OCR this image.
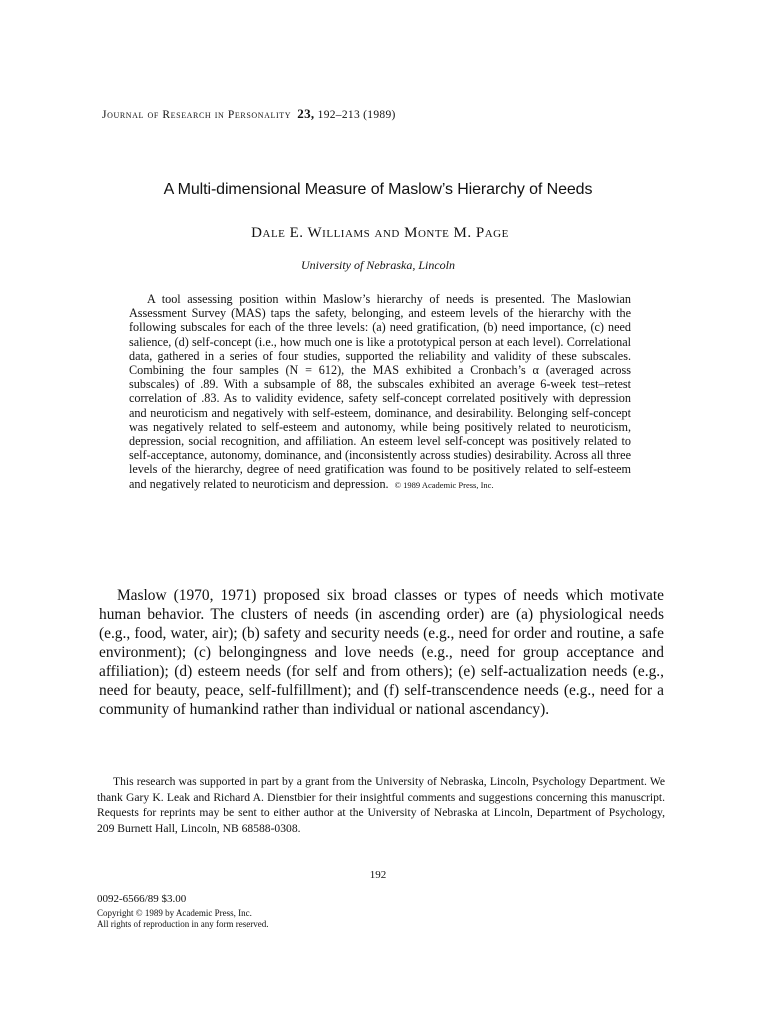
Journal of Research in Personality 23, 192–213 (1989)
A Multi-dimensional Measure of Maslow’s Hierarchy of Needs
Dale E. Williams and Monte M. Page
University of Nebraska, Lincoln

A tool assessing position within Maslow’s hierarchy of needs is presented. The Maslowian Assessment Survey (MAS) taps the safety, belonging, and esteem levels of the hierarchy with the following subscales for each of the three levels: (a) need gratification, (b) need importance, (c) need salience, (d) self-concept (i.e., how much one is like a prototypical person at each level). Correlational data, gathered in a series of four studies, supported the reliability and validity of these subscales. Combining the four samples (N = 612), the MAS exhibited a Cronbach’s α (averaged across subscales) of .89. With a subsample of 88, the subscales exhibited an average 6-week test–retest correlation of .83. As to validity evidence, safety self-concept correlated positively with depression and neuroticism and negatively with self-esteem, dominance, and desirability. Belonging self-concept was negatively related to self-esteem and autonomy, while being positively related to neuroticism, depression, social recognition, and affiliation. An esteem level self-concept was positively related to self-acceptance, autonomy, dominance, and (inconsistently across studies) desirability. Across all three levels of the hierarchy, degree of need gratification was found to be positively related to self-esteem and negatively related to neuroticism and depression. © 1989 Academic Press, Inc.

Maslow (1970, 1971) proposed six broad classes or types of needs which motivate human behavior. The clusters of needs (in ascending order) are (a) physiological needs (e.g., food, water, air); (b) safety and security needs (e.g., need for order and routine, a safe environment); (c) belongingness and love needs (e.g., need for group acceptance and affiliation); (d) esteem needs (for self and from others); (e) self-actualization needs (e.g., need for beauty, peace, self-fulfillment); and (f) self-transcendence needs (e.g., need for a community of humankind rather than individual or national ascendancy).

This research was supported in part by a grant from the University of Nebraska, Lincoln, Psychology Department. We thank Gary K. Leak and Richard A. Dienstbier for their insightful comments and suggestions concerning this manuscript. Requests for reprints may be sent to either author at the University of Nebraska at Lincoln, Department of Psychology, 209 Burnett Hall, Lincoln, NB 68588-0308.

192
0092-6566/89 $3.00
Copyright © 1989 by Academic Press, Inc.
All rights of reproduction in any form reserved.
